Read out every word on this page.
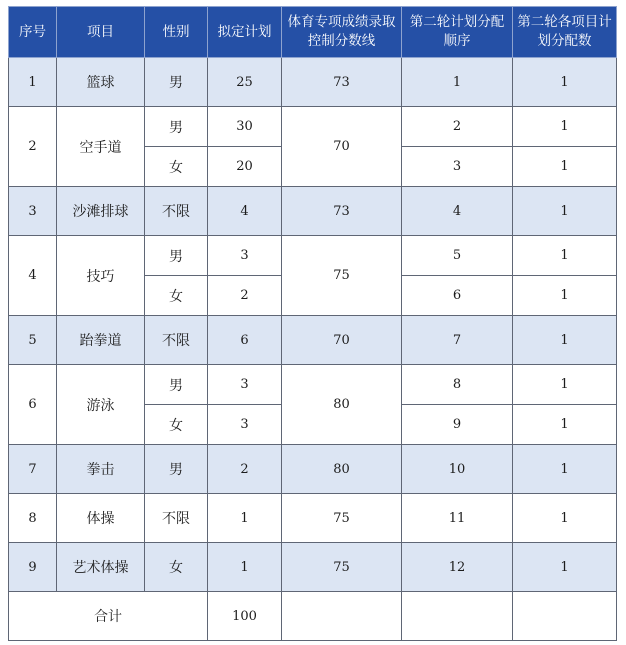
序号	项目	性别	拟定计划	体育专项成绩录取控制分数线	第二轮计划分配顺序	第二轮各项目计划分配数
1	篮球	男	25	73	1	1
2	空手道	男	30	70	2	1
		女	20		3	1
3	沙滩排球	不限	4	73	4	1
4	技巧	男	3	75	5	1
		女	2		6	1
5	跆拳道	不限	6	70	7	1
6	游泳	男	3	80	8	1
		女	3		9	1
7	拳击	男	2	80	10	1
8	体操	不限	1	75	11	1
9	艺术体操	女	1	75	12	1
合计			100			
